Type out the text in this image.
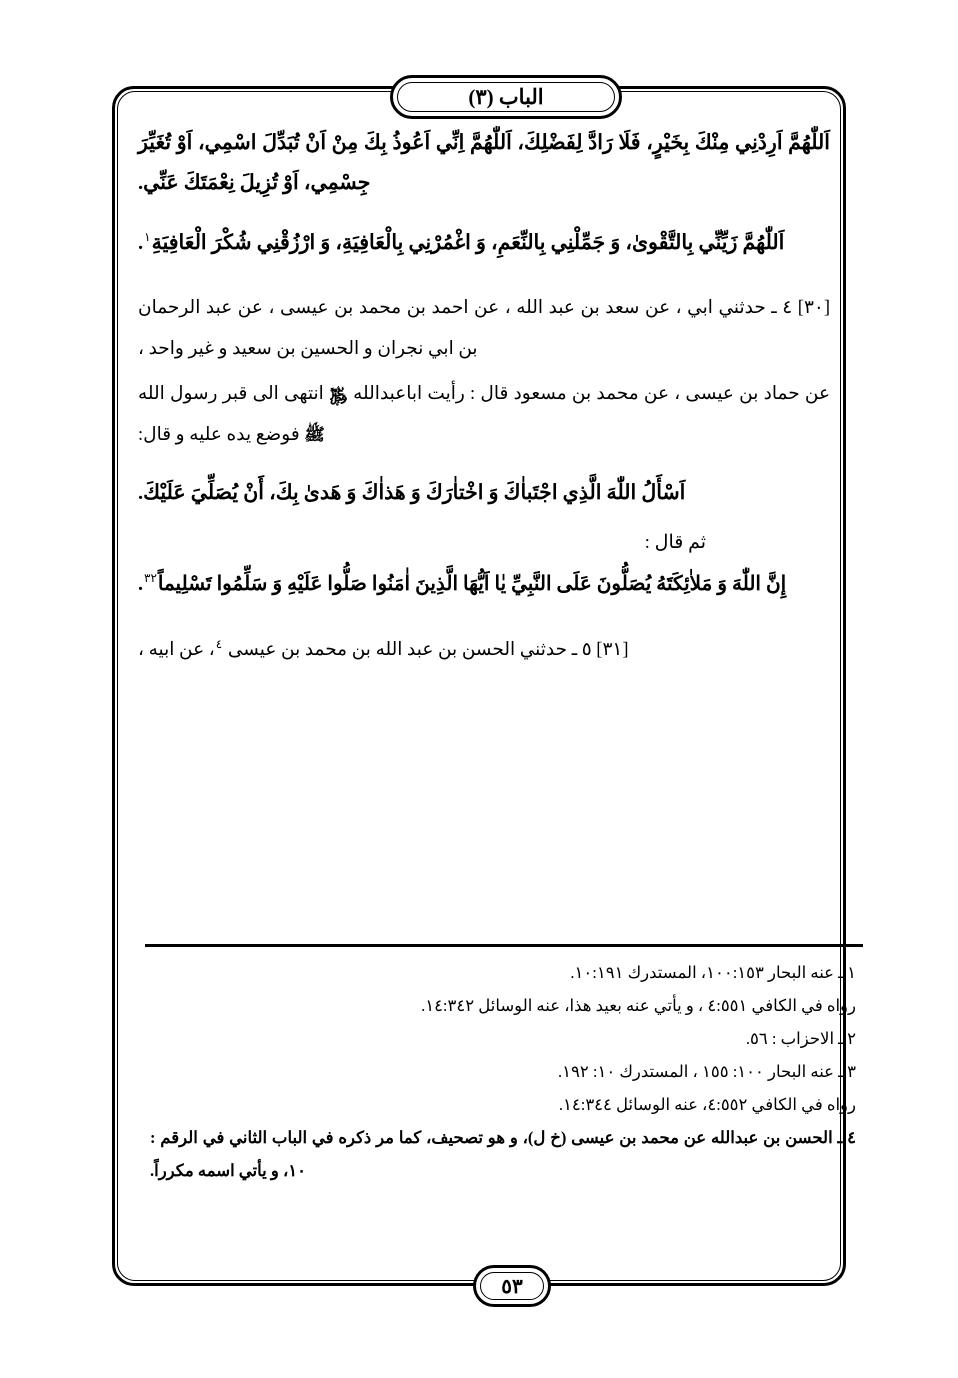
الباب (٣)

اَللّٰهُمَّ اَرِدْنِي مِنْكَ بِخَيْرٍ، فَلَا رَادَّ لِفَضْلِكَ، اَللّٰهُمَّ اِنِّي اَعُوذُ بِكَ مِنْ اَنْ تُبَدِّلَ اسْمِي، اَوْ تُغَيِّرَ جِسْمِي، اَوْ تُزِيلَ نِعْمَتَكَ عَنِّي.

اَللّٰهُمَّ زَيِّنِّي بِالتَّقْوىٰ، وَ جَمِّلْنِي بِالنِّعَمِ، وَ اغْمُرْنِي بِالْعَافِيَةِ، وَ ارْزُقْنِي شُكْرَ الْعَافِيَةِ$^١$.

[٣٠] ٤ ـ حدثني ابي ، عن سعد بن عبد الله ، عن احمد بن محمد بن عيسى ، عن عبد الرحمان بن ابي نجران و الحسين بن سعيد و غير واحد ،

عن حماد بن عيسى ، عن محمد بن مسعود قال : رأيت اباعبدالله ﷿ انتهى الى قبر رسول الله ﷺ فوضع يده عليه و قال:

اَسْأَلُ اللّٰهَ الَّذِي اجْتَباٰكَ وَ اخْتاٰرَكَ وَ هَذاٰكَ وَ هَدىٰ بِكَ، أَنْ يُصَلِّيَ عَلَيْكَ.

ثم قال :

إِنَّ اللّٰهَ وَ مَلاٰئِكَتَهُ يُصَلُّونَ عَلَى النَّبِيِّ يٰا اَيُّهَا الَّذِينَ اٰمَنُوا صَلُّوا عَلَيْهِ وَ سَلِّمُوا تَسْلِيماً$^{٣٢}$.

[٣١] ٥ ـ حدثني الحسن بن عبد الله بن محمد بن عيسى $^٤$، عن ابيه ،

١ ـ عنه البحار ١٠٠:١٥٣، المستدرك ١٠:١٩١.

رواه في الكافي ٤:٥٥١ ، و يأتي عنه بعيد هذا، عنه الوسائل ١٤:٣٤٢.

٢ ـ الاحزاب : ٥٦.

٣ ـ عنه البحار ١٠٠: ١٥٥ ، المستدرك ١٠: ١٩٢.

رواه في الكافي ٤:٥٥٢، عنه الوسائل ١٤:٣٤٤.

٤ ـ الحسن بن عبدالله عن محمد بن عيسى (خ ل)، و هو تصحيف، كما مر ذكره في الباب الثاني في الرقم : ١٠، و يأتي اسمه مكرراً.

٥٣
